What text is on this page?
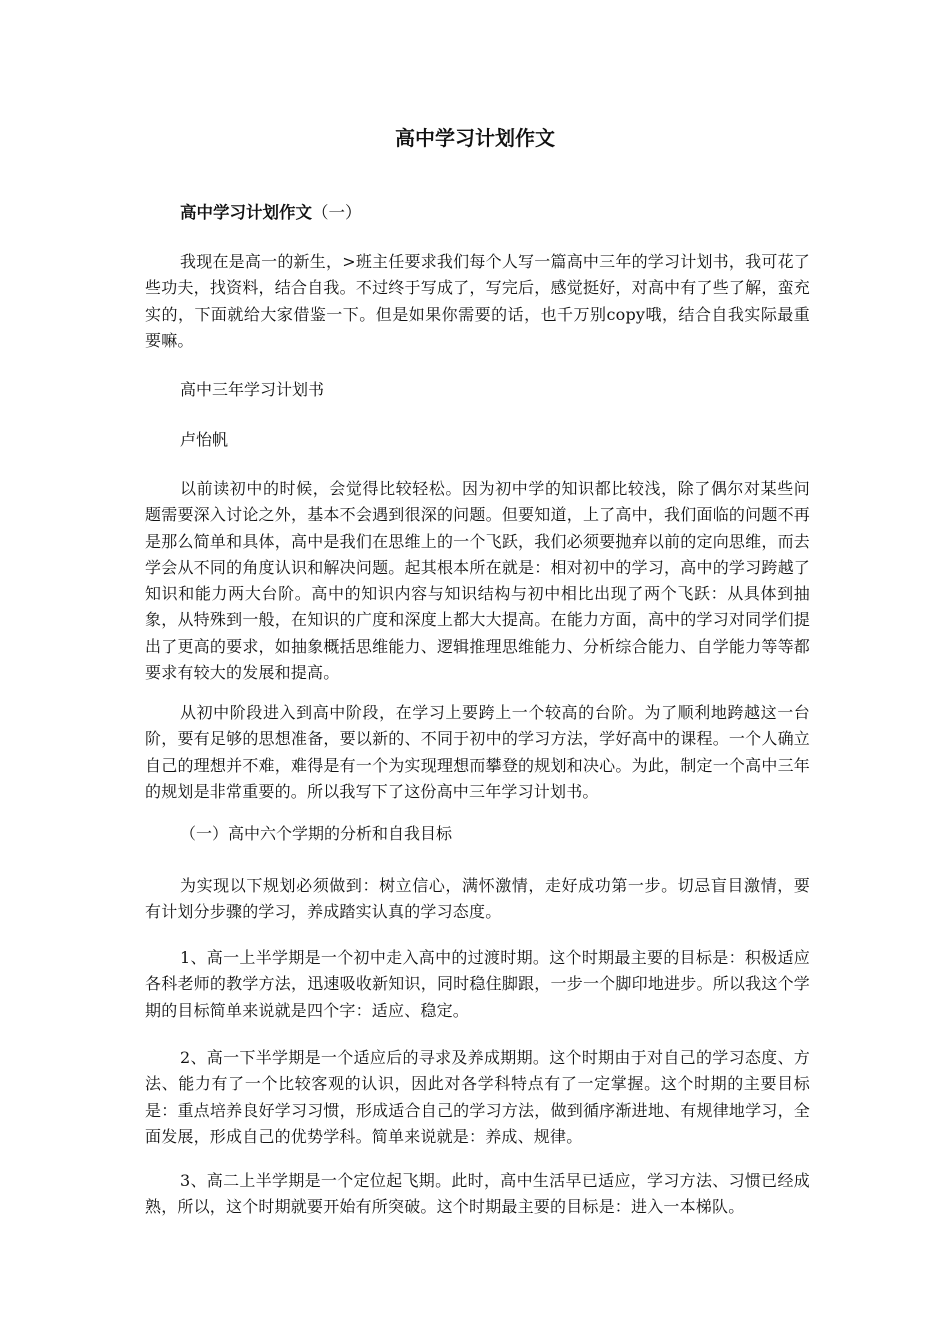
高中学习计划作文
高中学习计划作文（一）

我现在是高一的新生，>班主任要求我们每个人写一篇高中三年的学习计划书，我可花了些功夫，找资料，结合自我。不过终于写成了，写完后，感觉挺好，对高中有了些了解，蛮充实的，下面就给大家借鉴一下。但是如果你需要的话，也千万别copy哦，结合自我实际最重要嘛。

高中三年学习计划书

卢怡帆

以前读初中的时候，会觉得比较轻松。因为初中学的知识都比较浅，除了偶尔对某些问题需要深入讨论之外，基本不会遇到很深的问题。但要知道，上了高中，我们面临的问题不再是那么简单和具体，高中是我们在思维上的一个飞跃，我们必须要抛弃以前的定向思维，而去学会从不同的角度认识和解决问题。起其根本所在就是：相对初中的学习，高中的学习跨越了知识和能力两大台阶。高中的知识内容与知识结构与初中相比出现了两个飞跃：从具体到抽象，从特殊到一般，在知识的广度和深度上都大大提高。在能力方面，高中的学习对同学们提出了更高的要求，如抽象概括思维能力、逻辑推理思维能力、分析综合能力、自学能力等等都要求有较大的发展和提高。

从初中阶段进入到高中阶段，在学习上要跨上一个较高的台阶。为了顺利地跨越这一台阶，要有足够的思想准备，要以新的、不同于初中的学习方法，学好高中的课程。一个人确立自己的理想并不难，难得是有一个为实现理想而攀登的规划和决心。为此，制定一个高中三年的规划是非常重要的。所以我写下了这份高中三年学习计划书。

（一）高中六个学期的分析和自我目标

为实现以下规划必须做到：树立信心，满怀激情，走好成功第一步。切忌盲目激情，要有计划分步骤的学习，养成踏实认真的学习态度。

1、高一上半学期是一个初中走入高中的过渡时期。这个时期最主要的目标是：积极适应各科老师的教学方法，迅速吸收新知识，同时稳住脚跟，一步一个脚印地进步。所以我这个学期的目标简单来说就是四个字：适应、稳定。

2、高一下半学期是一个适应后的寻求及养成期期。这个时期由于对自己的学习态度、方法、能力有了一个比较客观的认识，因此对各学科特点有了一定掌握。这个时期的主要目标是：重点培养良好学习习惯，形成适合自己的学习方法，做到循序渐进地、有规律地学习，全面发展，形成自己的优势学科。简单来说就是：养成、规律。

3、高二上半学期是一个定位起飞期。此时，高中生活早已适应，学习方法、习惯已经成熟，所以，这个时期就要开始有所突破。这个时期最主要的目标是：进入一本梯队。
